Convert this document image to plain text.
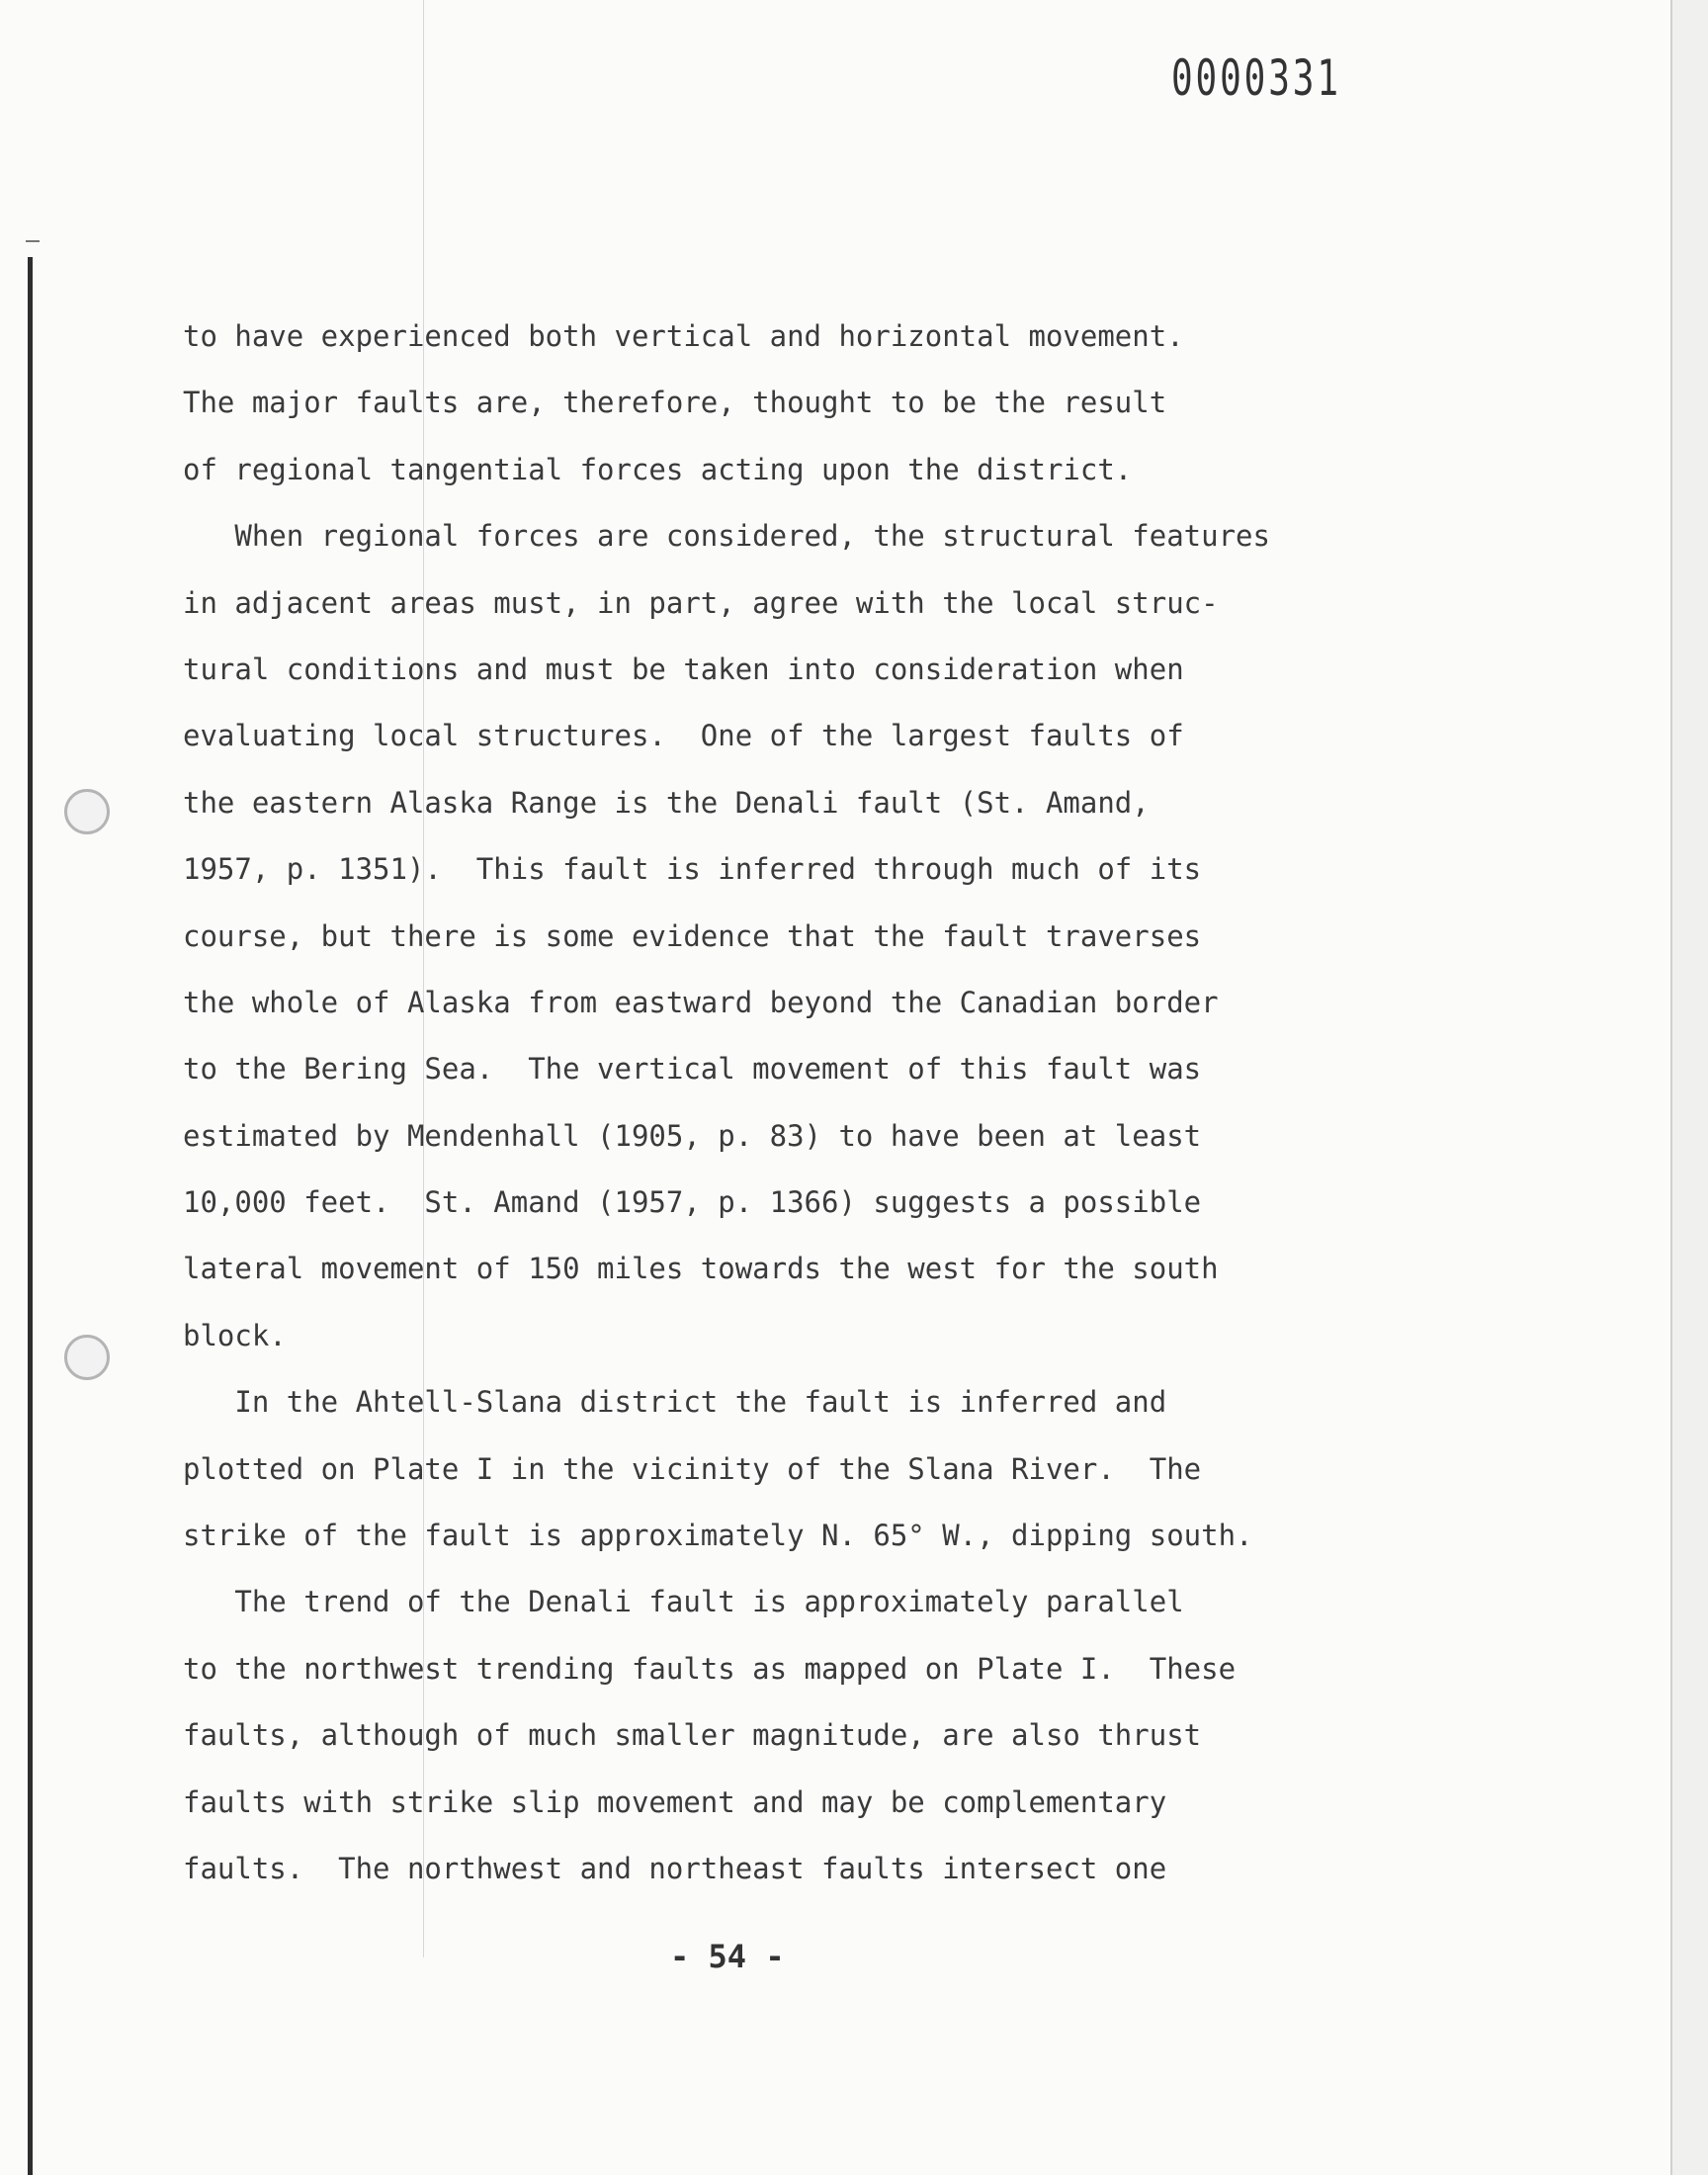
0000331
to have experienced both vertical and horizontal movement.
The major faults are, therefore, thought to be the result
of regional tangential forces acting upon the district.
When regional forces are considered, the structural features
in adjacent areas must, in part, agree with the local struc-
tural conditions and must be taken into consideration when
evaluating local structures.  One of the largest faults of
the eastern Alaska Range is the Denali fault (St. Amand,
1957, p. 1351).  This fault is inferred through much of its
course, but there is some evidence that the fault traverses
the whole of Alaska from eastward beyond the Canadian border
to the Bering Sea.  The vertical movement of this fault was
estimated by Mendenhall (1905, p. 83) to have been at least
10,000 feet.  St. Amand (1957, p. 1366) suggests a possible
lateral movement of 150 miles towards the west for the south
block.
In the Ahtell-Slana district the fault is inferred and
plotted on Plate I in the vicinity of the Slana River.  The
strike of the fault is approximately N. 65° W., dipping south.
The trend of the Denali fault is approximately parallel
to the northwest trending faults as mapped on Plate I.  These
faults, although of much smaller magnitude, are also thrust
faults with strike slip movement and may be complementary
faults.  The northwest and northeast faults intersect one
- 54 -
